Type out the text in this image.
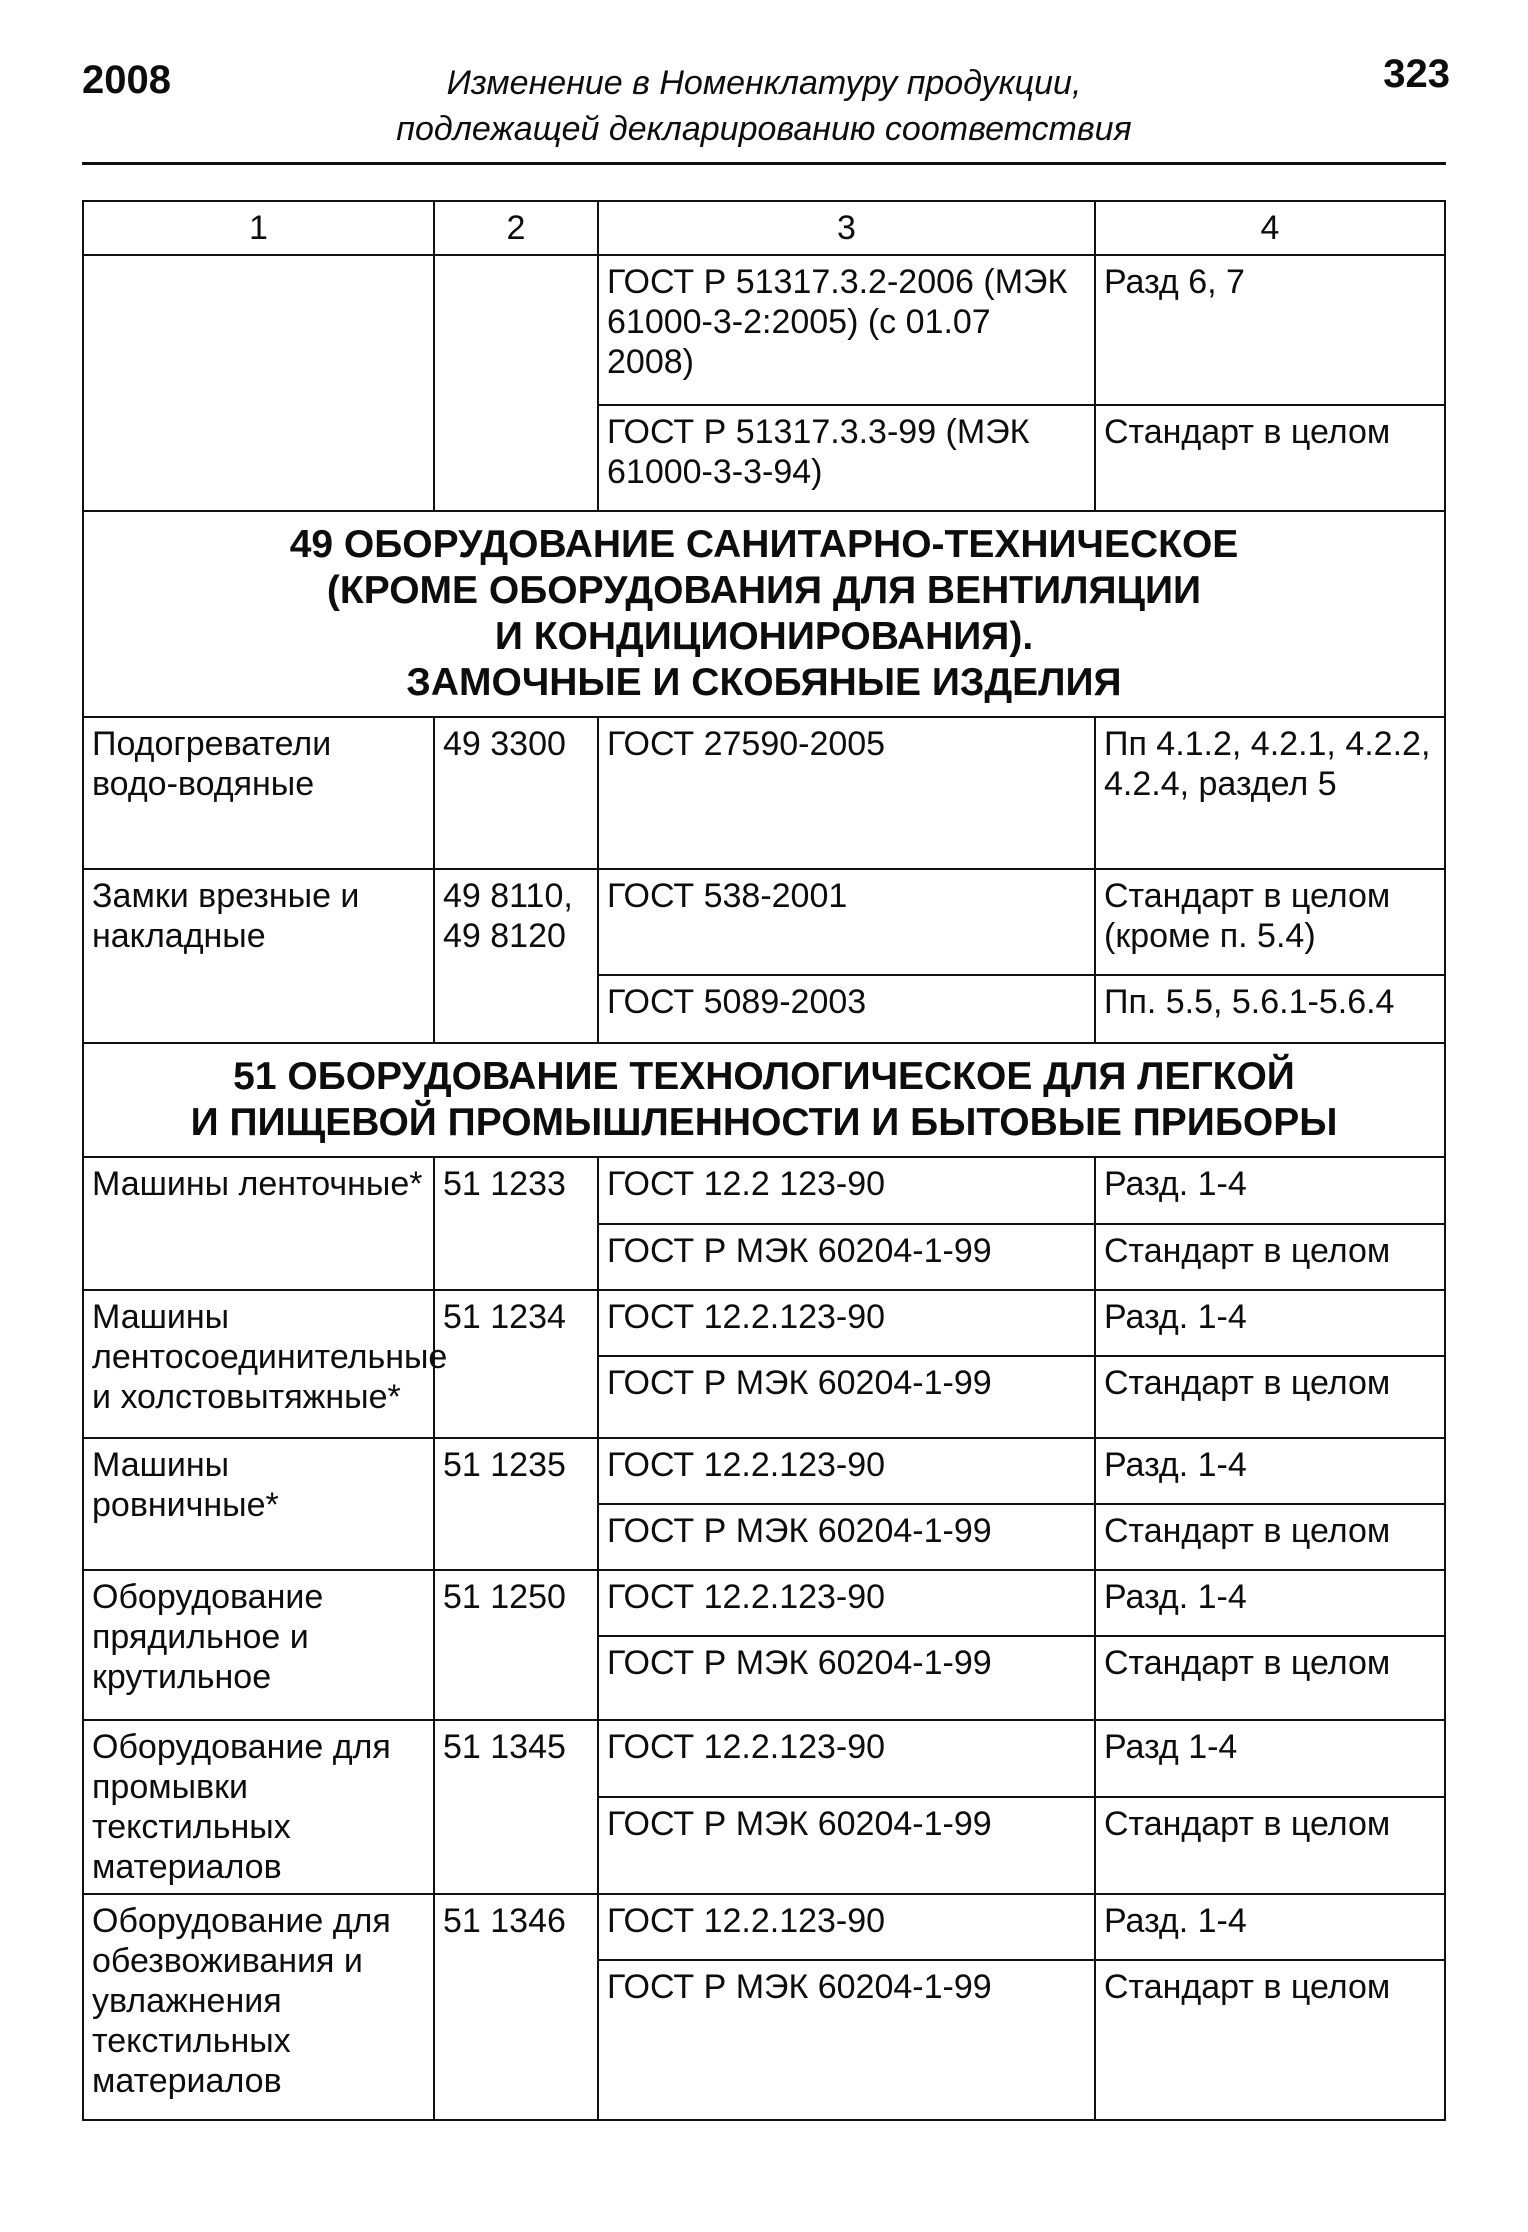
2008	Изменение в Номенклатуру продукции,
подлежащей декларированию соответствия
323
1	2	3	4
		ГОСТ Р 51317.3.2-2006 (МЭК 61000-3-2:2005) (с 01.07 2008)	Разд 6, 7
		ГОСТ Р 51317.3.3-99 (МЭК 61000-3-3-94)	Стандарт в целом

49 ОБОРУДОВАНИЕ САНИТАРНО-ТЕХНИЧЕСКОЕ
(КРОМЕ ОБОРУДОВАНИЯ ДЛЯ ВЕНТИЛЯЦИИ
И КОНДИЦИОНИРОВАНИЯ).
ЗАМОЧНЫЕ И СКОБЯНЫЕ ИЗДЕЛИЯ			

Подогреватели водо-водяные	49 3300	ГОСТ 27590-2005	Пп 4.1.2, 4.2.1, 4.2.2, 4.2.4, раздел 5
Замки врезные и накладные	49 8110, 49 8120	ГОСТ 538-2001	Стандарт в целом (кроме п. 5.4)
		ГОСТ 5089-2003	Пп. 5.5, 5.6.1-5.6.4

51 ОБОРУДОВАНИЕ ТЕХНОЛОГИЧЕСКОЕ ДЛЯ ЛЕГКОЙ
И ПИЩЕВОЙ ПРОМЫШЛЕННОСТИ И БЫТОВЫЕ ПРИБОРЫ			

Машины ленточные*	51 1233	ГОСТ 12.2 123-90	Разд. 1-4
		ГОСТ Р МЭК 60204-1-99	Стандарт в целом
Машины лентосоединительные и холстовытяжные*	51 1234	ГОСТ 12.2.123-90	Разд. 1-4
		ГОСТ Р МЭК 60204-1-99	Стандарт в целом
Машины ровничные*	51 1235	ГОСТ 12.2.123-90	Разд. 1-4
		ГОСТ Р МЭК 60204-1-99	Стандарт в целом
Оборудование прядильное и крутильное	51 1250	ГОСТ 12.2.123-90	Разд. 1-4
		ГОСТ Р МЭК 60204-1-99	Стандарт в целом
Оборудование для промывки текстильных материалов	51 1345	ГОСТ 12.2.123-90	Разд 1-4
		ГОСТ Р МЭК 60204-1-99	Стандарт в целом
Оборудование для обезвоживания и увлажнения текстильных материалов	51 1346	ГОСТ 12.2.123-90	Разд. 1-4
		ГОСТ Р МЭК 60204-1-99	Стандарт в целом
